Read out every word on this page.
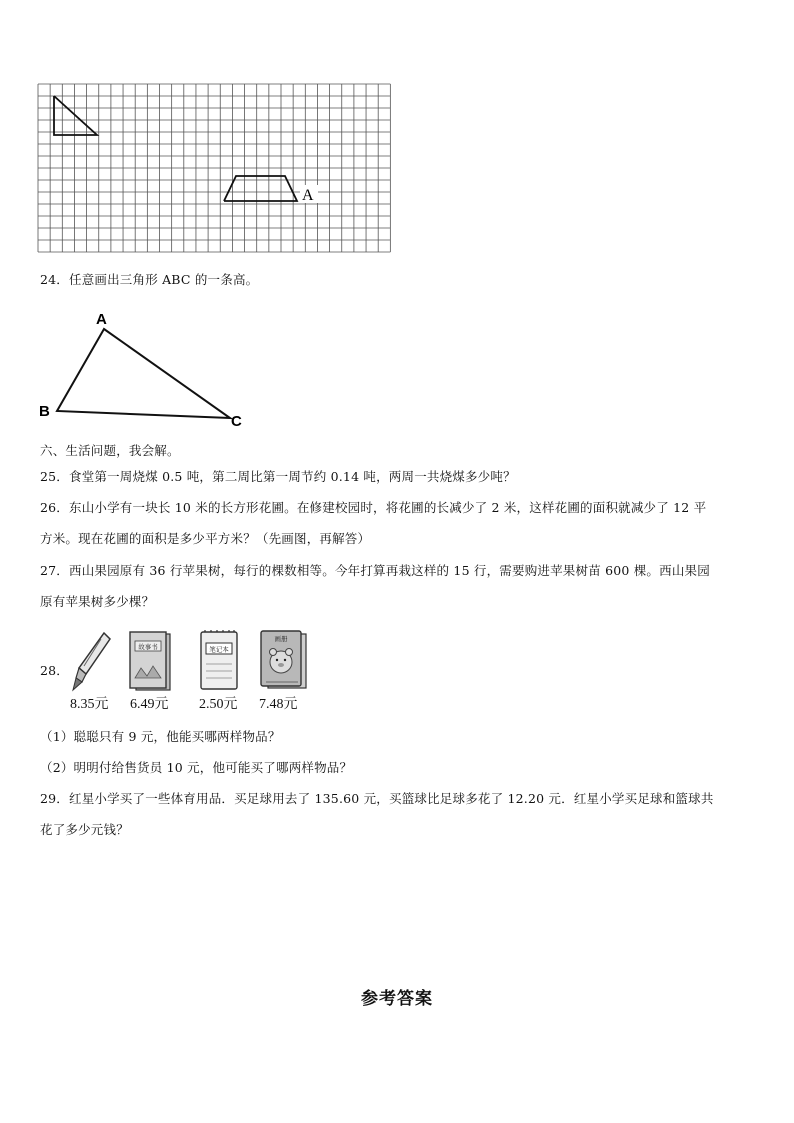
A
24．任意画出三角形 ABC 的一条高。
A
B
C
六、生活问题，我会解。
25．食堂第一周烧煤 0.5 吨，第二周比第一周节约 0.14 吨，两周一共烧煤多少吨？
26．东山小学有一块长 10 米的长方形花圃。在修建校园时，将花圃的长减少了 2 米，这样花圃的面积就减少了 12 平
方米。现在花圃的面积是多少平方米？（先画图，再解答）
27．西山果园原有 36 行苹果树，每行的棵数相等。今年打算再栽这样的 15 行，需要购进苹果树苗 600 棵。西山果园
原有苹果树多少棵？
28．
8.35元
故事书
6.49元
笔记本
2.50元
画册
7.48元
（1）聪聪只有 9 元，他能买哪两样物品？
（2）明明付给售货员 10 元，他可能买了哪两样物品？
29．红星小学买了一些体育用品．买足球用去了 135.60 元，买篮球比足球多花了 12.20 元．红星小学买足球和篮球共
花了多少元钱？
参考答案
